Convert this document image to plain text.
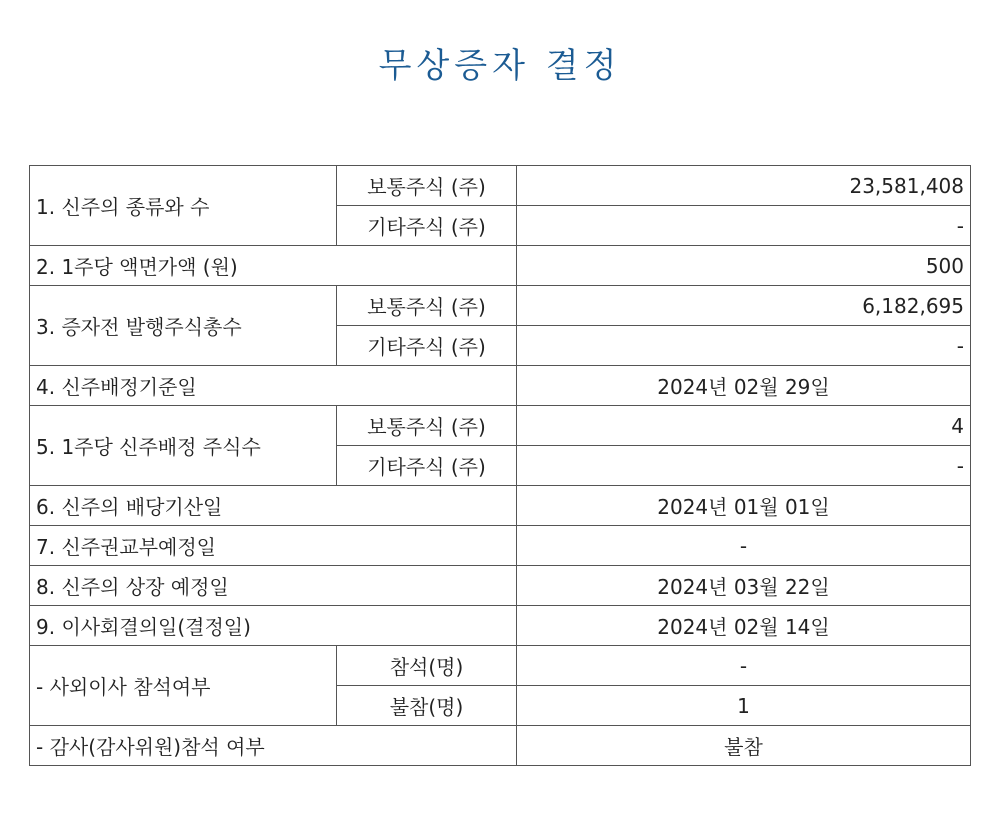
무상증자 결정
1. 신주의 종류와 수	보통주식 (주)	23,581,408
	기타주식 (주)	-
2. 1주당 액면가액 (원)		500
3. 증자전 발행주식총수	보통주식 (주)	6,182,695
	기타주식 (주)	-
4. 신주배정기준일		2024년 02월 29일
5. 1주당 신주배정 주식수	보통주식 (주)	4
	기타주식 (주)	-
6. 신주의 배당기산일		2024년 01월 01일
7. 신주권교부예정일		-
8. 신주의 상장 예정일		2024년 03월 22일
9. 이사회결의일(결정일)		2024년 02월 14일
- 사외이사 참석여부	참석(명)	-
	불참(명)	1
- 감사(감사위원)참석 여부		불참
